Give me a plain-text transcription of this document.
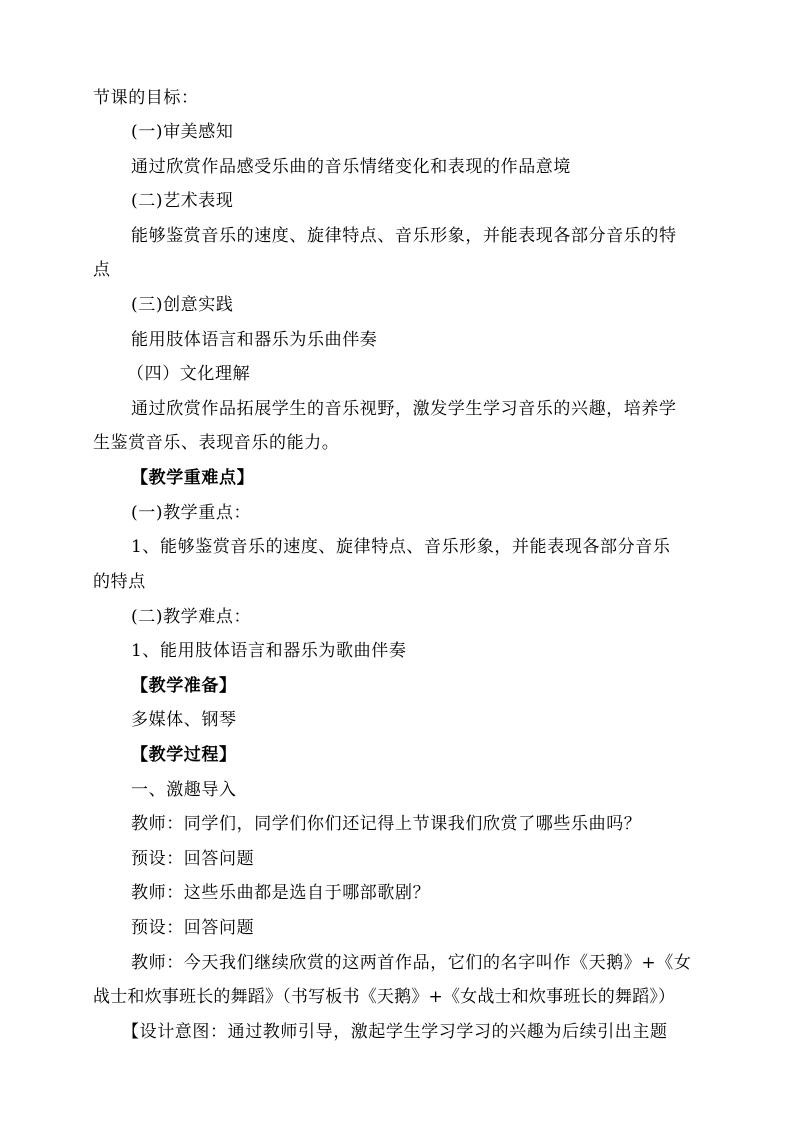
节课的目标：
(一)审美感知
通过欣赏作品感受乐曲的音乐情绪变化和表现的作品意境
(二)艺术表现
能够鉴赏音乐的速度、旋律特点、音乐形象，并能表现各部分音乐的特
点
(三)创意实践
能用肢体语言和器乐为乐曲伴奏
（四）文化理解
通过欣赏作品拓展学生的音乐视野，激发学生学习音乐的兴趣，培养学
生鉴赏音乐、表现音乐的能力。
【教学重难点】
(一)教学重点：
1、能够鉴赏音乐的速度、旋律特点、音乐形象，并能表现各部分音乐
的特点
(二)教学难点：
1、能用肢体语言和器乐为歌曲伴奏
【教学准备】
多媒体、钢琴
【教学过程】
一、激趣导入
教师：同学们，同学们你们还记得上节课我们欣赏了哪些乐曲吗？
预设：回答问题
教师：这些乐曲都是选自于哪部歌剧？
预设：回答问题
教师：今天我们继续欣赏的这两首作品，它们的名字叫作《天鹅》+《女
战士和炊事班长的舞蹈》（书写板书《天鹅》+《女战士和炊事班长的舞蹈》）
【设计意图：通过教师引导，激起学生学习学习的兴趣为后续引出主题
